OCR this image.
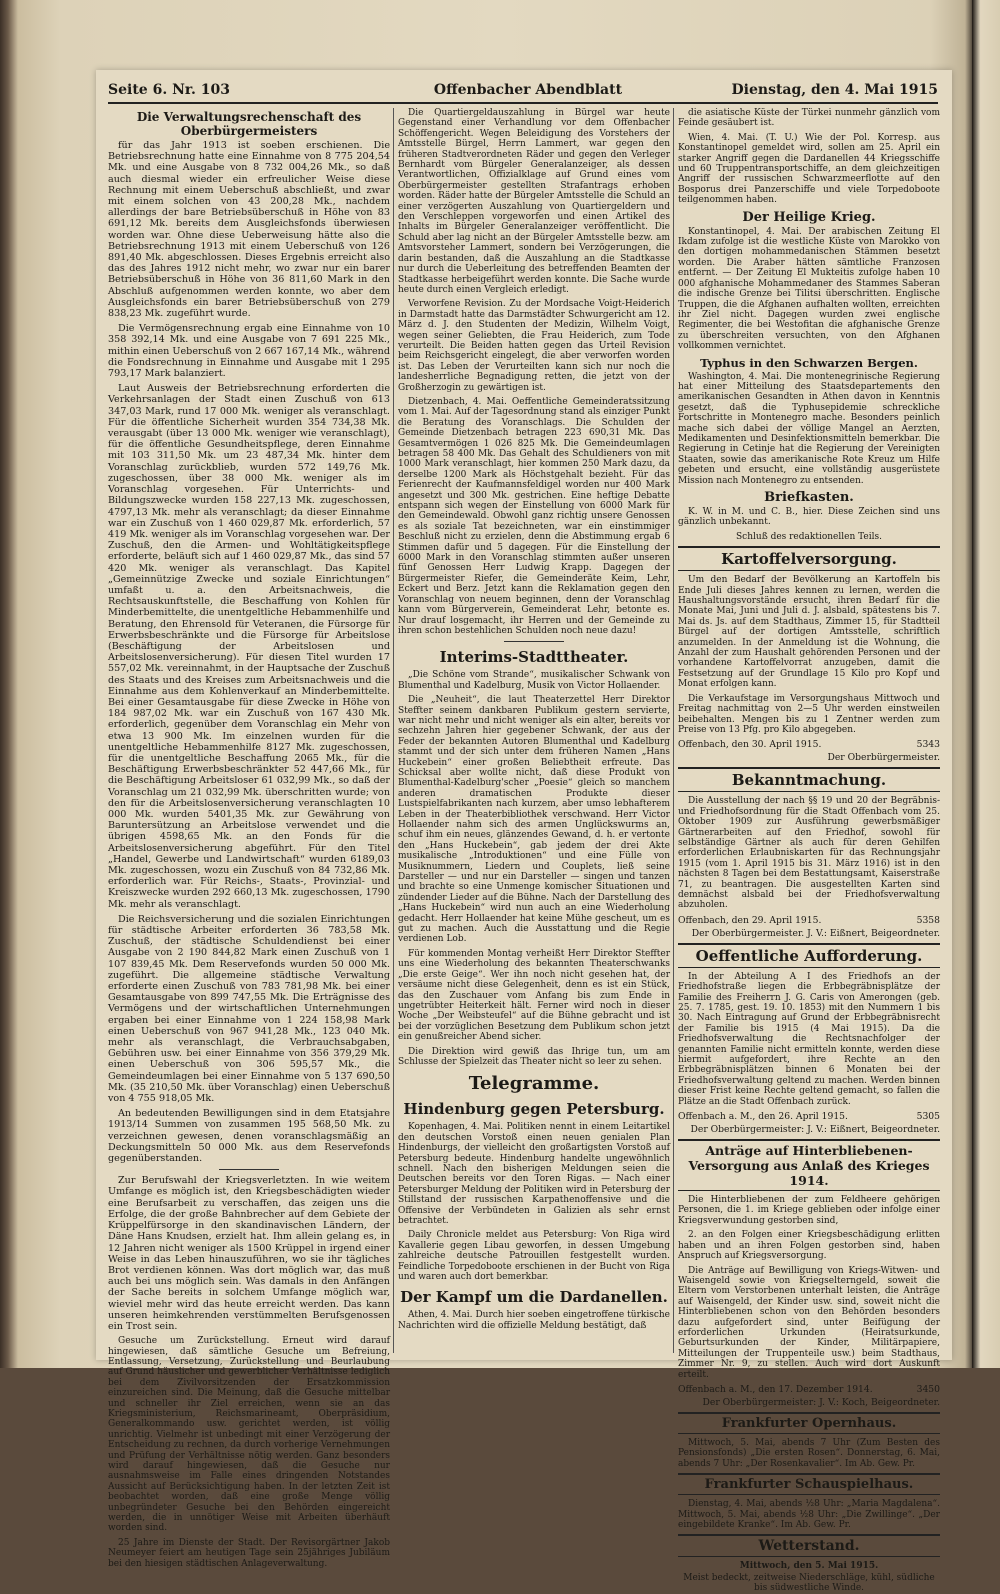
Seite 6. Nr. 103	Offenbacher Abendblatt	Dienstag, den 4. Mai 1915
Die Verwaltungsrechenschaft des Oberbürgermeisters

für das Jahr 1913 ist soeben erschienen. Die Betriebsrechnung hatte eine Einnahme von 8 775 204,54 Mk. und eine Ausgabe von 8 732 004,26 Mk., so daß auch diesmal wieder ein erfreulicher Weise diese Rechnung mit einem Ueberschuß abschließt, und zwar mit einem solchen von 43 200,28 Mk., nachdem allerdings der bare Betriebsüberschuß in Höhe von 83 691,12 Mk. bereits dem Ausgleichsfonds überwiesen worden war. Ohne diese Ueberweisung hätte also die Betriebsrechnung 1913 mit einem Ueberschuß von 126 891,40 Mk. abgeschlossen. Dieses Ergebnis erreicht also das des Jahres 1912 nicht mehr, wo zwar nur ein barer Betriebsüberschuß in Höhe von 36 811,60 Mark in den Abschluß aufgenommen werden konnte, wo aber dem Ausgleichsfonds ein barer Betriebsüberschuß von 279 838,23 Mk. zugeführt wurde.

Die Vermögensrechnung ergab eine Einnahme von 10 358 392,14 Mk. und eine Ausgabe von 7 691 225 Mk., mithin einen Ueberschuß von 2 667 167,14 Mk., während die Fondsrechnung in Einnahme und Ausgabe mit 1 295 793,17 Mark balanziert.

Laut Ausweis der Betriebsrechnung erforderten die Verkehrsanlagen der Stadt einen Zuschuß von 613 347,03 Mark, rund 17 000 Mk. weniger als veranschlagt. Für die öffentliche Sicherheit wurden 354 734,38 Mk. verausgabt (über 13 000 Mk. weniger wie veranschlagt), für die öffentliche Gesundheitspflege, deren Einnahme mit 103 311,50 Mk. um 23 487,34 Mk. hinter dem Voranschlag zurückblieb, wurden 572 149,76 Mk. zugeschossen, über 38 000 Mk. weniger als im Voranschlag vorgesehen. Für Unterrichts- und Bildungszwecke wurden 158 227,13 Mk. zugeschossen, 4797,13 Mk. mehr als veranschlagt; da dieser Einnahme war ein Zuschuß von 1 460 029,87 Mk. erforderlich, 57 419 Mk. weniger als im Voranschlag vorgesehen war. Der Zuschuß, den die Armen- und Wohltätigkeitspflege erforderte, beläuft sich auf 1 460 029,87 Mk., das sind 57 420 Mk. weniger als veranschlagt. Das Kapitel „Gemeinnützige Zwecke und soziale Einrichtungen“ umfaßt u. a. den Arbeitsnachweis, die Rechtsauskunftstelle, die Beschaffung von Kohlen für Minderbemittelte, die unentgeltliche Hebammenhilfe und Beratung, den Ehrensold für Veteranen, die Fürsorge für Erwerbsbeschränkte und die Fürsorge für Arbeitslose (Beschäftigung der Arbeitslosen und Arbeitslosenversicherung). Für diesen Titel wurden 17 557,02 Mk. vereinnahmt, in der Hauptsache der Zuschuß des Staats und des Kreises zum Arbeitsnachweis und die Einnahme aus dem Kohlenverkauf an Minderbemittelte. Bei einer Gesamtausgabe für diese Zwecke in Höhe von 184 987,02 Mk. war ein Zuschuß von 167 430 Mk. erforderlich, gegenüber dem Voranschlag ein Mehr von etwa 13 900 Mk. Im einzelnen wurden für die unentgeltliche Hebammenhilfe 8127 Mk. zugeschossen, für die unentgeltliche Beschaffung 2065 Mk., für die Beschäftigung Erwerbsbeschränkter 52 447,66 Mk., für die Beschäftigung Arbeitsloser 61 032,99 Mk., so daß der Voranschlag um 21 032,99 Mk. überschritten wurde; von den für die Arbeitslosenversicherung veranschlagten 10 000 Mk. wurden 5401,35 Mk. zur Gewährung von Baruntersützung an Arbeitslose verwendet und die übrigen 4598,65 Mk. an den Fonds für die Arbeitslosenversicherung abgeführt. Für den Titel „Handel, Gewerbe und Landwirtschaft“ wurden 6189,03 Mk. zugeschossen, wozu ein Zuschuß von 84 732,86 Mk. erforderlich war. Für Reichs-, Staats-, Provinzial- und Kreiszwecke wurden 292 660,13 Mk. zugeschossen, 1790 Mk. mehr als veranschlagt.

Die Reichsversicherung und die sozialen Einrichtungen für städtische Arbeiter erforderten 36 783,58 Mk. Zuschuß, der städtische Schuldendienst bei einer Ausgabe von 2 190 844,82 Mark einen Zuschuß von 1 107 839,45 Mk. Dem Reservefonds wurden 50 000 Mk. zugeführt. Die allgemeine städtische Verwaltung erforderte einen Zuschuß von 783 781,98 Mk. bei einer Gesamtausgabe von 899 747,55 Mk. Die Erträgnisse des Vermögens und der wirtschaftlichen Unternehmungen ergaben bei einer Einnahme von 1 224 158,98 Mark einen Ueberschuß von 967 941,28 Mk., 123 040 Mk. mehr als veranschlagt, die Verbrauchsabgaben, Gebühren usw. bei einer Einnahme von 356 379,29 Mk. einen Ueberschuß von 306 595,57 Mk., die Gemeindeumlagen bei einer Einnahme von 5 137 690,50 Mk. (35 210,50 Mk. über Voranschlag) einen Ueberschuß von 4 755 918,05 Mk.

An bedeutenden Bewilligungen sind in dem Etatsjahre 1913/14 Summen von zusammen 195 568,50 Mk. zu verzeichnen gewesen, denen voranschlagsmäßig an Deckungsmitteln 50 000 Mk. aus dem Reservefonds gegenüberstanden.

Zur Berufswahl der Kriegsverletzten. In wie weitem Umfange es möglich ist, den Kriegsbeschädigten wieder eine Berufsarbeit zu verschaffen, das zeigen uns die Erfolge, die der große Bahnbrecher auf dem Gebiete der Krüppelfürsorge in den skandinavischen Ländern, der Däne Hans Knudsen, erzielt hat. Ihm allein gelang es, in 12 Jahren nicht weniger als 1500 Krüppel in irgend einer Weise in das Leben hinauszuführen, wo sie ihr tägliches Brot verdienen können. Was dort möglich war, das muß auch bei uns möglich sein. Was damals in den Anfängen der Sache bereits in solchem Umfange möglich war, wieviel mehr wird das heute erreicht werden. Das kann unseren heimkehrenden verstümmelten Berufsgenossen ein Trost sein.

Gesuche um Zurückstellung. Erneut wird darauf hingewiesen, daß sämtliche Gesuche um Befreiung, Entlassung, Versetzung, Zurückstellung und Beurlaubung auf Grund häuslicher und gewerblicher Verhältnisse lediglich bei dem Zivilvorsitzenden der Ersatzkommission einzureichen sind. Die Meinung, daß die Gesuche mittelbar und schneller ihr Ziel erreichen, wenn sie an das Kriegsministerium, Reichsmarineamt, Oberpräsidium, Generalkommando usw. gerichtet werden, ist völlig unrichtig. Vielmehr ist unbedingt mit einer Verzögerung der Entscheidung zu rechnen, da durch vorherige Vernehmungen und Prüfung der Verhältnisse nötig werden. Ganz besonders wird darauf hingewiesen, daß die Gesuche nur ausnahmsweise im Falle eines dringenden Notstandes Aussicht auf Berücksichtigung haben. In der letzten Zeit ist beobachtet worden, daß eine große Menge völlig unbegründeter Gesuche bei den Behörden eingereicht werden, die in unnötiger Weise mit Arbeiten überhäuft worden sind.

25 Jahre im Dienste der Stadt. Der Revisorgärtner Jakob Neumeyer feiert am heutigen Tage sein 25jähriges Jubiläum bei den hiesigen städtischen Anlageverwaltung.

Die Quartiergeldauszahlung in Bürgel war heute Gegenstand einer Verhandlung vor dem Offenbacher Schöffengericht. Wegen Beleidigung des Vorstehers der Amtsstelle Bürgel, Herrn Lammert, war gegen den früheren Stadtverordneten Räder und gegen den Verleger Bernhardt vom Bürgeler Generalanzeiger, als dessen Verantwortlichen, Offizialklage auf Grund eines vom Oberbürgermeister gestellten Strafantrags erhoben worden. Räder hatte der Bürgeler Amtsstelle die Schuld an einer verzögerten Auszahlung von Quartiergeldern und den Verschleppen vorgeworfen und einen Artikel des Inhalts im Bürgeler Generalanzeiger veröffentlicht. Die Schuld aber lag nicht an der Bürgeler Amtsstelle bezw. am Amtsvorsteher Lammert, sondern bei Verzögerungen, die darin bestanden, daß die Auszahlung an die Stadtkasse nur durch die Ueberleitung des betreffenden Beamten der Stadtkasse herbeigeführt werden konnte. Die Sache wurde heute durch einen Vergleich erledigt.

Verworfene Revision. Zu der Mordsache Voigt-Heiderich in Darmstadt hatte das Darmstädter Schwurgericht am 12. März d. J. den Studenten der Medizin, Wilhelm Voigt, wegen seiner Geliebten, die Frau Heiderich, zum Tode verurteilt. Die Beiden hatten gegen das Urteil Revision beim Reichsgericht eingelegt, die aber verworfen worden ist. Das Leben der Verurteilten kann sich nur noch die landesherrliche Begnadigung retten, die jetzt von der Großherzogin zu gewärtigen ist.

Dietzenbach, 4. Mai. Oeffentliche Gemeinderatssitzung vom 1. Mai. Auf der Tagesordnung stand als einziger Punkt die Beratung des Voranschlags. Die Schulden der Gemeinde Dietzenbach betragen 223 690,31 Mk. Das Gesamtvermögen 1 026 825 Mk. Die Gemeindeumlagen betragen 58 400 Mk. Das Gehalt des Schuldieners von mit 1000 Mark veranschlagt, hier kommen 250 Mark dazu, da derselbe 1200 Mark als Höchstgehalt bezieht. Für das Ferienrecht der Kaufmannsfeldigel worden nur 400 Mark angesetzt und 300 Mk. gestrichen. Eine heftige Debatte entspann sich wegen der Einstellung von 6000 Mark für den Gemeindewald. Obwohl ganz richtig unsere Genossen es als soziale Tat bezeichneten, war ein einstimmiger Beschluß nicht zu erzielen, denn die Abstimmung ergab 6 Stimmen dafür und 5 dagegen. Für die Einstellung der 6000 Mark in den Voranschlag stimmten außer unseren fünf Genossen Herr Ludwig Krapp. Dagegen der Bürgermeister Riefer, die Gemeinderäte Keim, Lehr, Eckert und Berz. Jetzt kann die Reklamation gegen den Voranschlag von neuem beginnen, denn der Voranschlag kann vom Bürgerverein, Gemeinderat Lehr, betonte es. Nur drauf losgemacht, ihr Herren und der Gemeinde zu ihren schon bestehlichen Schulden noch neue dazu!

Interims-Stadttheater.

„Die Schöne vom Strande“, musikalischer Schwank von Blumenthal und Kadelburg, Musik von Victor Hollaender.

Die „Neuheit“, die laut Theaterzettel Herr Direktor Steffter seinem dankbaren Publikum gestern servierte, war nicht mehr und nicht weniger als ein alter, bereits vor sechzehn Jahren hier gegebener Schwank, der aus der Feder der bekannten Autoren Blumenthal und Kadelburg stammt und der sich unter dem früheren Namen „Hans Huckebein“ einer großen Beliebtheit erfreute. Das Schicksal aber wollte nicht, daß diese Produkt von Blumenthal-Kadelburg'scher „Poesie“ gleich so manchem anderen dramatischen Produkte dieser Lustspielfabrikanten nach kurzem, aber umso lebhafterem Leben in der Theaterbibliothek verschwand. Herr Victor Hollaender nahm sich des armen Unglückswurms an, schuf ihm ein neues, glänzendes Gewand, d. h. er vertonte den „Hans Huckebein“, gab jedem der drei Akte musikalische „Introduktionen“ und eine Fülle von Musiknummern, Liedern und Couplets, ließ seine Darsteller — und nur ein Darsteller — singen und tanzen und brachte so eine Unmenge komischer Situationen und zündender Lieder auf die Bühne. Nach der Darstellung des „Hans Huckebein“ wird nun auch an eine Wiederholung gedacht. Herr Hollaender hat keine Mühe gescheut, um es gut zu machen. Auch die Ausstattung und die Regie verdienen Lob.

Für kommenden Montag verheißt Herr Direktor Steffter uns eine Wiederholung des bekannten Theaterschwanks „Die erste Geige“. Wer ihn noch nicht gesehen hat, der versäume nicht diese Gelegenheit, denn es ist ein Stück, das den Zuschauer vom Anfang bis zum Ende in ungetrübter Heiterkeit hält. Ferner wird noch in dieser Woche „Der Weibsteufel“ auf die Bühne gebracht und ist bei der vorzüglichen Besetzung dem Publikum schon jetzt ein genußreicher Abend sicher.

Die Direktion wird gewiß das Ihrige tun, um am Schlusse der Spielzeit das Theater nicht so leer zu sehen.

Telegramme.
Hindenburg gegen Petersburg.

Kopenhagen, 4. Mai. Politiken nennt in einem Leitartikel den deutschen Vorstoß einen neuen genialen Plan Hindenburgs, der vielleicht den großartigsten Vorstoß auf Petersburg bedeute. Hindenburg handelte ungewöhnlich schnell. Nach den bisherigen Meldungen seien die Deutschen bereits vor den Toren Rigas. — Nach einer Petersburger Meldung der Politiken wird in Petersburg der Stillstand der russischen Karpathenoffensive und die Offensive der Verbündeten in Galizien als sehr ernst betrachtet.

Daily Chronicle meldet aus Petersburg: Von Riga wird Kavallerie gegen Libau geworfen, in dessen Umgebung zahlreiche deutsche Patrouillen festgestellt wurden. Feindliche Torpedoboote erschienen in der Bucht von Riga und waren auch dort bemerkbar.

Der Kampf um die Dardanellen.

Athen, 4. Mai. Durch hier soeben eingetroffene türkische Nachrichten wird die offizielle Meldung bestätigt, daß

die asiatische Küste der Türkei nunmehr gänzlich vom Feinde gesäubert ist.

Wien, 4. Mai. (T. U.) Wie der Pol. Korresp. aus Konstantinopel gemeldet wird, sollen am 25. April ein starker Angriff gegen die Dardanellen 44 Kriegsschiffe und 60 Truppentransportschiffe, an dem gleichzeitigen Angriff der russischen Schwarzmeerflotte auf den Bosporus drei Panzerschiffe und viele Torpedoboote teilgenommen haben.

Der Heilige Krieg.

Konstantinopel, 4. Mai. Der arabischen Zeitung El Ikdam zufolge ist die westliche Küste von Marokko von den dortigen mohammedanischen Stämmen besetzt worden. Die Araber hätten sämtliche Franzosen entfernt. — Der Zeitung El Mukteitis zufolge haben 10 000 afghanische Mohammedaner des Stammes Saberan die indische Grenze bei Tilitsi überschritten. Englische Truppen, die die Afghanen aufhalten wollten, erreichten ihr Ziel nicht. Dagegen wurden zwei englische Regimenter, die bei Westofitan die afghanische Grenze zu überschreiten versuchten, von den Afghanen vollkommen vernichtet.

Typhus in den Schwarzen Bergen.

Washington, 4. Mai. Die montenegrinische Regierung hat einer Mitteilung des Staatsdepartements den amerikanischen Gesandten in Athen davon in Kenntnis gesetzt, daß die Typhusepidemie schreckliche Fortschritte in Montenegro mache. Besonders peinlich mache sich dabei der völlige Mangel an Aerzten, Medikamenten und Desinfektionsmitteln bemerkbar. Die Regierung in Cetinje hat die Regierung der Vereinigten Staaten, sowie das amerikanische Rote Kreuz um Hilfe gebeten und ersucht, eine vollständig ausgerüstete Mission nach Montenegro zu entsenden.

Briefkasten.

K. W. in M. und C. B., hier. Diese Zeichen sind uns gänzlich unbekannt.

Schluß des redaktionellen Teils.

Kartoffelversorgung.

Um den Bedarf der Bevölkerung an Kartoffeln bis Ende Juli dieses Jahres kennen zu lernen, werden die Haushaltungsvorstände ersucht, ihren Bedarf für die Monate Mai, Juni und Juli d. J. alsbald, spätestens bis 7. Mai ds. Js. auf dem Stadthaus, Zimmer 15, für Stadtteil Bürgel auf der dortigen Amtsstelle, schriftlich anzumelden. In der Anmeldung ist die Wohnung, die Anzahl der zum Haushalt gehörenden Personen und der vorhandene Kartoffelvorrat anzugeben, damit die Festsetzung auf der Grundlage 15 Kilo pro Kopf und Monat erfolgen kann.

Die Verkaufstage im Versorgungshaus Mittwoch und Freitag nachmittag von 2—5 Uhr werden einstweilen beibehalten. Mengen bis zu 1 Zentner werden zum Preise von 13 Pfg. pro Kilo abgegeben.

Offenbach, den 30. April 1915.	5343

Der Oberbürgermeister.

Bekanntmachung.

Die Ausstellung der nach §§ 19 und 20 der Begräbnis- und Friedhofsordnung für die Stadt Offenbach vom 25. Oktober 1909 zur Ausführung gewerbsmäßiger Gärtnerarbeiten auf den Friedhof, sowohl für selbständige Gärtner als auch für deren Gehilfen erforderlichen Erlaubniskarten für das Rechnungsjahr 1915 (vom 1. April 1915 bis 31. März 1916) ist in den nächsten 8 Tagen bei dem Bestattungsamt, Kaiserstraße 71, zu beantragen. Die ausgestellten Karten sind demnächst alsbald bei der Friedhofsverwaltung abzuholen.

Offenbach, den 29. April 1915.	5358

Der Oberbürgermeister. J. V.: Eißnert, Beigeordneter.

Oeffentliche Aufforderung.

In der Abteilung A I des Friedhofs an der Friedhofstraße liegen die Erbbegräbnisplätze der Familie des Freiherrn J. G. Caris von Amerongen (geb. 25. 7. 1785, gest. 19. 10. 1853) mit den Nummern 1 bis 30. Nach Eintragung auf Grund der Erbbegräbnisrecht der Familie bis 1915 (4 Mai 1915). Da die Friedhofsverwaltung die Rechtsnachfolger der genannten Familie nicht ermitteln konnte, werden diese hiermit aufgefordert, ihre Rechte an den Erbbegräbnisplätzen binnen 6 Monaten bei der Friedhofsverwaltung geltend zu machen. Werden binnen dieser Frist keine Rechte geltend gemacht, so fallen die Plätze an die Stadt Offenbach zurück.

Offenbach a. M., den 26. April 1915.	5305

Der Oberbürgermeister: J. V.: Eißnert, Beigeordneter.

Anträge auf Hinterbliebenen-Versorgung aus Anlaß des Krieges 1914.

Die Hinterbliebenen der zum Feldheere gehörigen Personen, die 1. im Kriege geblieben oder infolge einer Kriegsverwundung gestorben sind,

2. an den Folgen einer Kriegsbeschädigung erlitten haben und an ihren Folgen gestorben sind, haben Anspruch auf Kriegsversorgung.

Die Anträge auf Bewilligung von Kriegs-Witwen- und Waisengeld sowie von Kriegselterngeld, soweit die Eltern vom Verstorbenen unterhalt leisten, die Anträge auf Waisengeld, der Kinder usw. sind, soweit nicht die Hinterbliebenen schon von den Behörden besonders dazu aufgefordert sind, unter Beifügung der erforderlichen Urkunden (Heiratsurkunde, Geburtsurkunden der Kinder, Militärpapiere, Mitteilungen der Truppenteile usw.) beim Stadthaus, Zimmer Nr. 9, zu stellen. Auch wird dort Auskunft erteilt.

Offenbach a. M., den 17. Dezember 1914.	3450

Der Oberbürgermeister: J. V.: Koch, Beigeordneter.

Frankfurter Opernhaus.

Mittwoch, 5. Mai, abends 7 Uhr (Zum Besten des Pensionsfonds) „Die ersten Rosen“. Donnerstag, 6. Mai, abends 7 Uhr: „Der Rosenkavalier“. Im Ab. Gew. Pr.

Frankfurter Schauspielhaus.

Dienstag, 4. Mai, abends ½8 Uhr: „Maria Magdalena“. Mittwoch, 5. Mai, abends ½8 Uhr: „Die Zwillinge“. „Der eingebildete Kranke“. Im Ab. Gew. Pr.

Wetterstand.

Mittwoch, den 5. Mai 1915.

Meist bedeckt, zeitweise Niederschläge, kühl, südliche bis südwestliche Winde.
